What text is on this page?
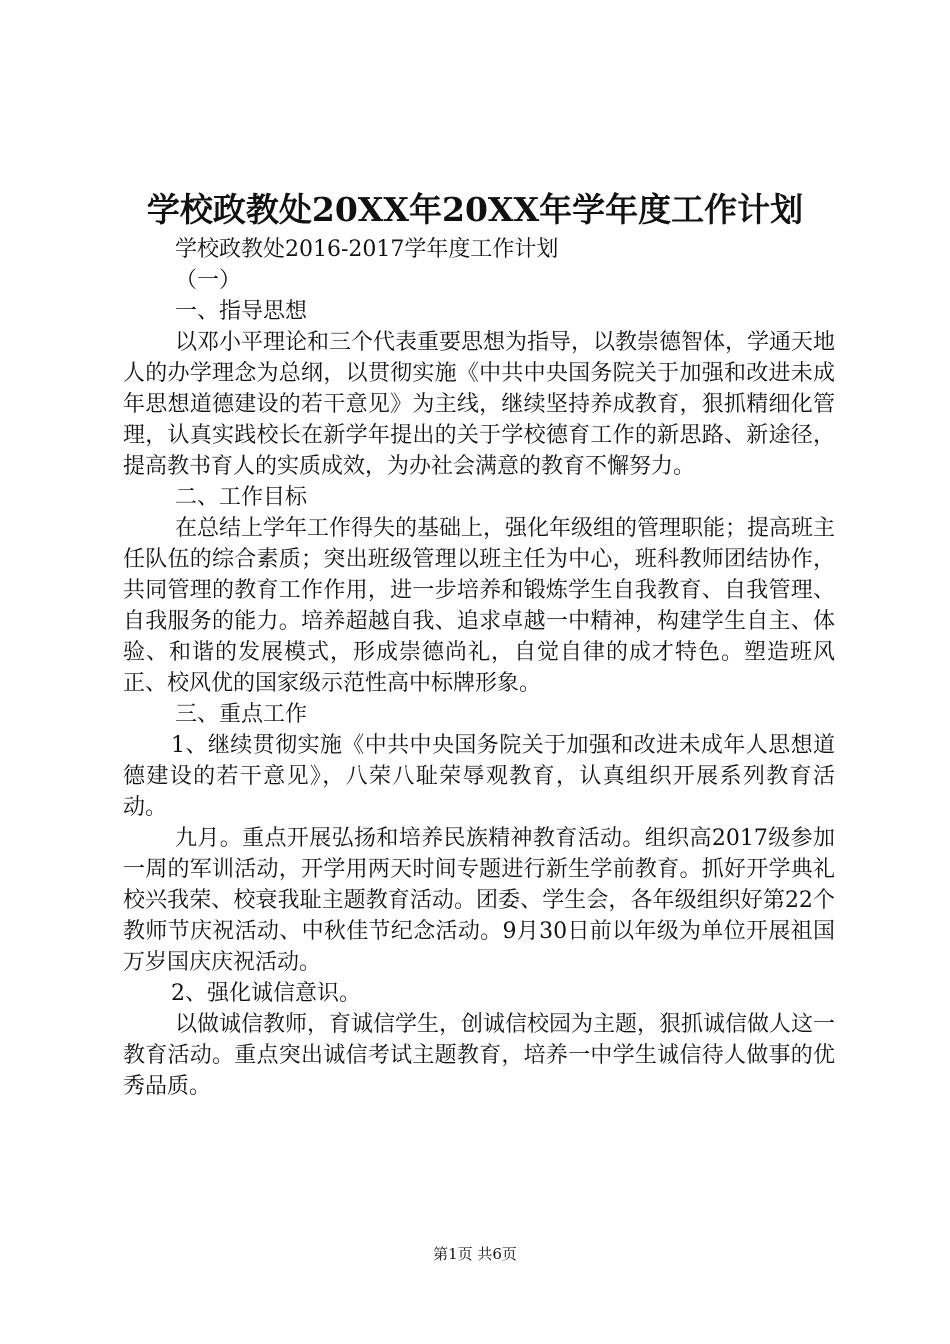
学校政教处20XX年20XX年学年度工作计划

学校政教处2016-2017学年度工作计划

（一）

一、指导思想

以邓小平理论和三个代表重要思想为指导，以教崇德智体，学通天地人的办学理念为总纲，以贯彻实施《中共中央国务院关于加强和改进未成年思想道德建设的若干意见》为主线，继续坚持养成教育，狠抓精细化管理，认真实践校长在新学年提出的关于学校德育工作的新思路、新途径，提高教书育人的实质成效，为办社会满意的教育不懈努力。

二、工作目标

在总结上学年工作得失的基础上，强化年级组的管理职能；提高班主任队伍的综合素质；突出班级管理以班主任为中心，班科教师团结协作，共同管理的教育工作作用，进一步培养和锻炼学生自我教育、自我管理、自我服务的能力。培养超越自我、追求卓越一中精神，构建学生自主、体验、和谐的发展模式，形成崇德尚礼，自觉自律的成才特色。塑造班风正、校风优的国家级示范性高中标牌形象。

三、重点工作

1、继续贯彻实施《中共中央国务院关于加强和改进未成年人思想道德建设的若干意见》，八荣八耻荣辱观教育，认真组织开展系列教育活动。

九月。重点开展弘扬和培养民族精神教育活动。组织高2017级参加一周的军训活动，开学用两天时间专题进行新生学前教育。抓好开学典礼校兴我荣、校衰我耻主题教育活动。团委、学生会，各年级组织好第22个教师节庆祝活动、中秋佳节纪念活动。9月30日前以年级为单位开展祖国万岁国庆庆祝活动。

2、强化诚信意识。

以做诚信教师，育诚信学生，创诚信校园为主题，狠抓诚信做人这一教育活动。重点突出诚信考试主题教育，培养一中学生诚信待人做事的优秀品质。

第1页 共6页
